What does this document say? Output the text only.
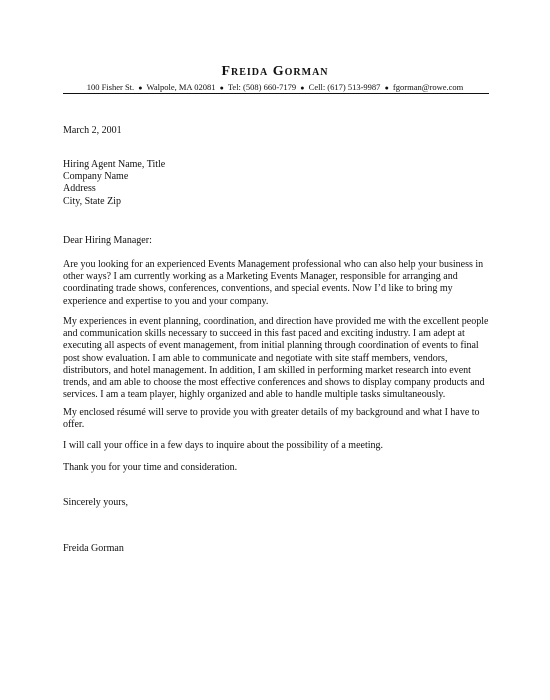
Freida Gorman
100 Fisher St. ● Walpole, MA 02081 ● Tel: (508) 660-7179 ● Cell: (617) 513-9987 ● fgorman@rowe.com
March 2, 2001
Hiring Agent Name, Title
Company Name
Address
City, State Zip
Dear Hiring Manager:
Are you looking for an experienced Events Management professional who can also help your business in
other ways? I am currently working as a Marketing Events Manager, responsible for arranging and
coordinating trade shows, conferences, conventions, and special events. Now I’d like to bring my
experience and expertise to you and your company.
My experiences in event planning, coordination, and direction have provided me with the excellent people
and communication skills necessary to succeed in this fast paced and exciting industry. I am adept at
executing all aspects of event management, from initial planning through coordination of events to final
post show evaluation. I am able to communicate and negotiate with site staff members, vendors,
distributors, and hotel management. In addition, I am skilled in performing market research into event
trends, and am able to choose the most effective conferences and shows to display company products and
services. I am a team player, highly organized and able to handle multiple tasks simultaneously.
My enclosed résumé will serve to provide you with greater details of my background and what I have to
offer.
I will call your office in a few days to inquire about the possibility of a meeting.
Thank you for your time and consideration.
Sincerely yours,
Freida Gorman
